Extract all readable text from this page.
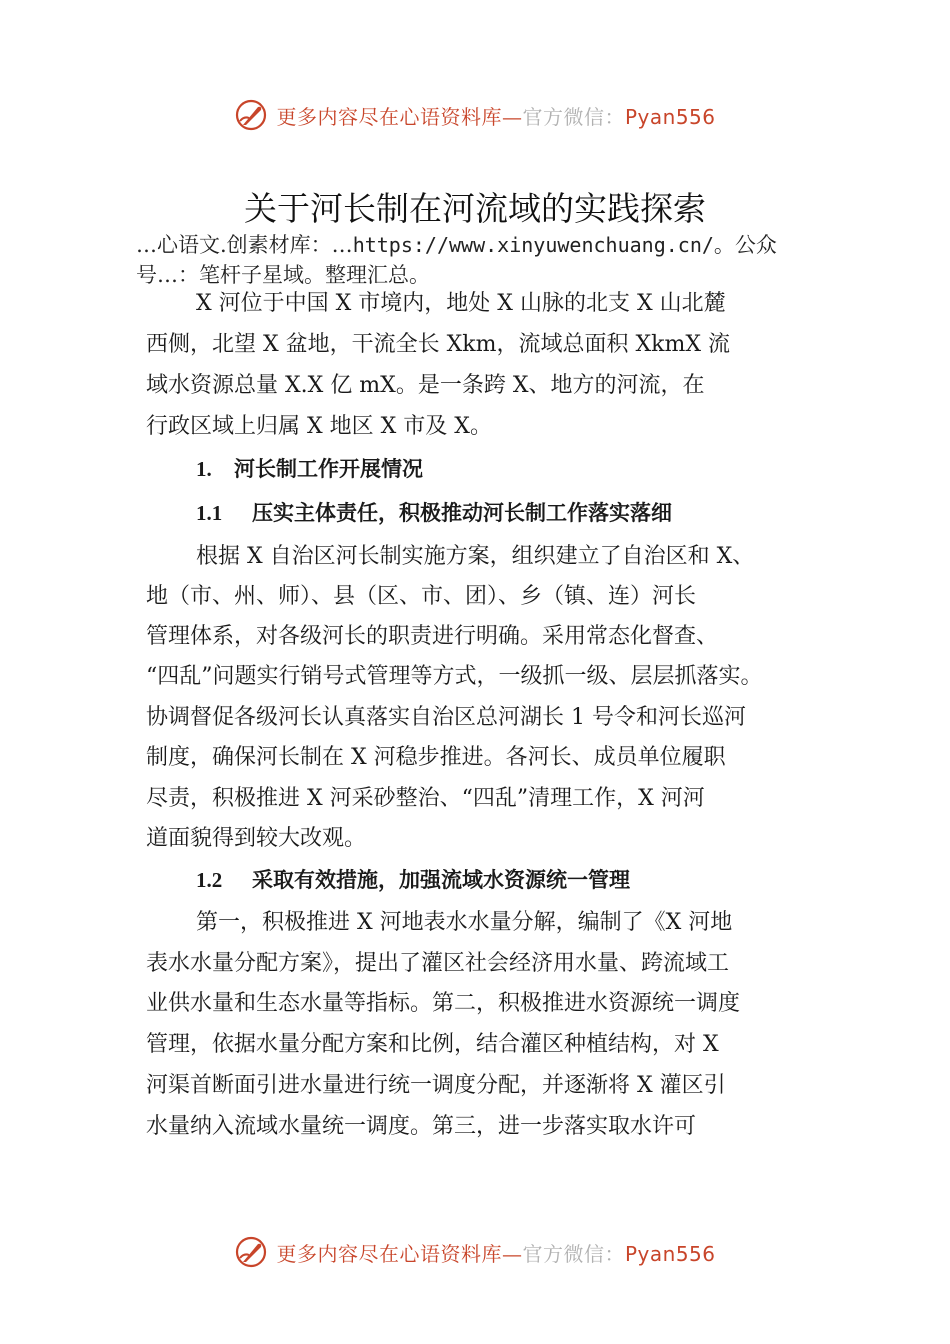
更多内容尽在心语资料库—官方微信：Pyan556
关于河长制在河流域的实践探索
…心语文.创素材库：…https://www.xinyuwenchuang.cn/。公众号…：笔杆子星域。整理汇总。
X 河位于中国 X 市境内，地处 X 山脉的北支 X 山北麓
西侧，北望 X 盆地，干流全长 Xkm，流域总面积 XkmX 流
域水资源总量 X.X 亿 mX。是一条跨 X、地方的河流，在
行政区域上归属 X 地区 X 市及 X。
1. 河长制工作开展情况
1.1 压实主体责任，积极推动河长制工作落实落细
根据 X 自治区河长制实施方案，组织建立了自治区和 X、
地（市、州、师）、县（区、市、团）、乡（镇、连）河长
管理体系，对各级河长的职责进行明确。采用常态化督查、
“四乱”问题实行销号式管理等方式，一级抓一级、层层抓落实。
协调督促各级河长认真落实自治区总河湖长 1 号令和河长巡河
制度，确保河长制在 X 河稳步推进。各河长、成员单位履职
尽责，积极推进 X 河采砂整治、“四乱”清理工作，X 河河
道面貌得到较大改观。
1.2 采取有效措施，加强流域水资源统一管理
第一，积极推进 X 河地表水水量分解，编制了《X 河地
表水水量分配方案》，提出了灌区社会经济用水量、跨流域工
业供水量和生态水量等指标。第二，积极推进水资源统一调度
管理，依据水量分配方案和比例，结合灌区种植结构，对 X
河渠首断面引进水量进行统一调度分配，并逐渐将 X 灌区引
水量纳入流域水量统一调度。第三，进一步落实取水许可
更多内容尽在心语资料库—官方微信：Pyan556
